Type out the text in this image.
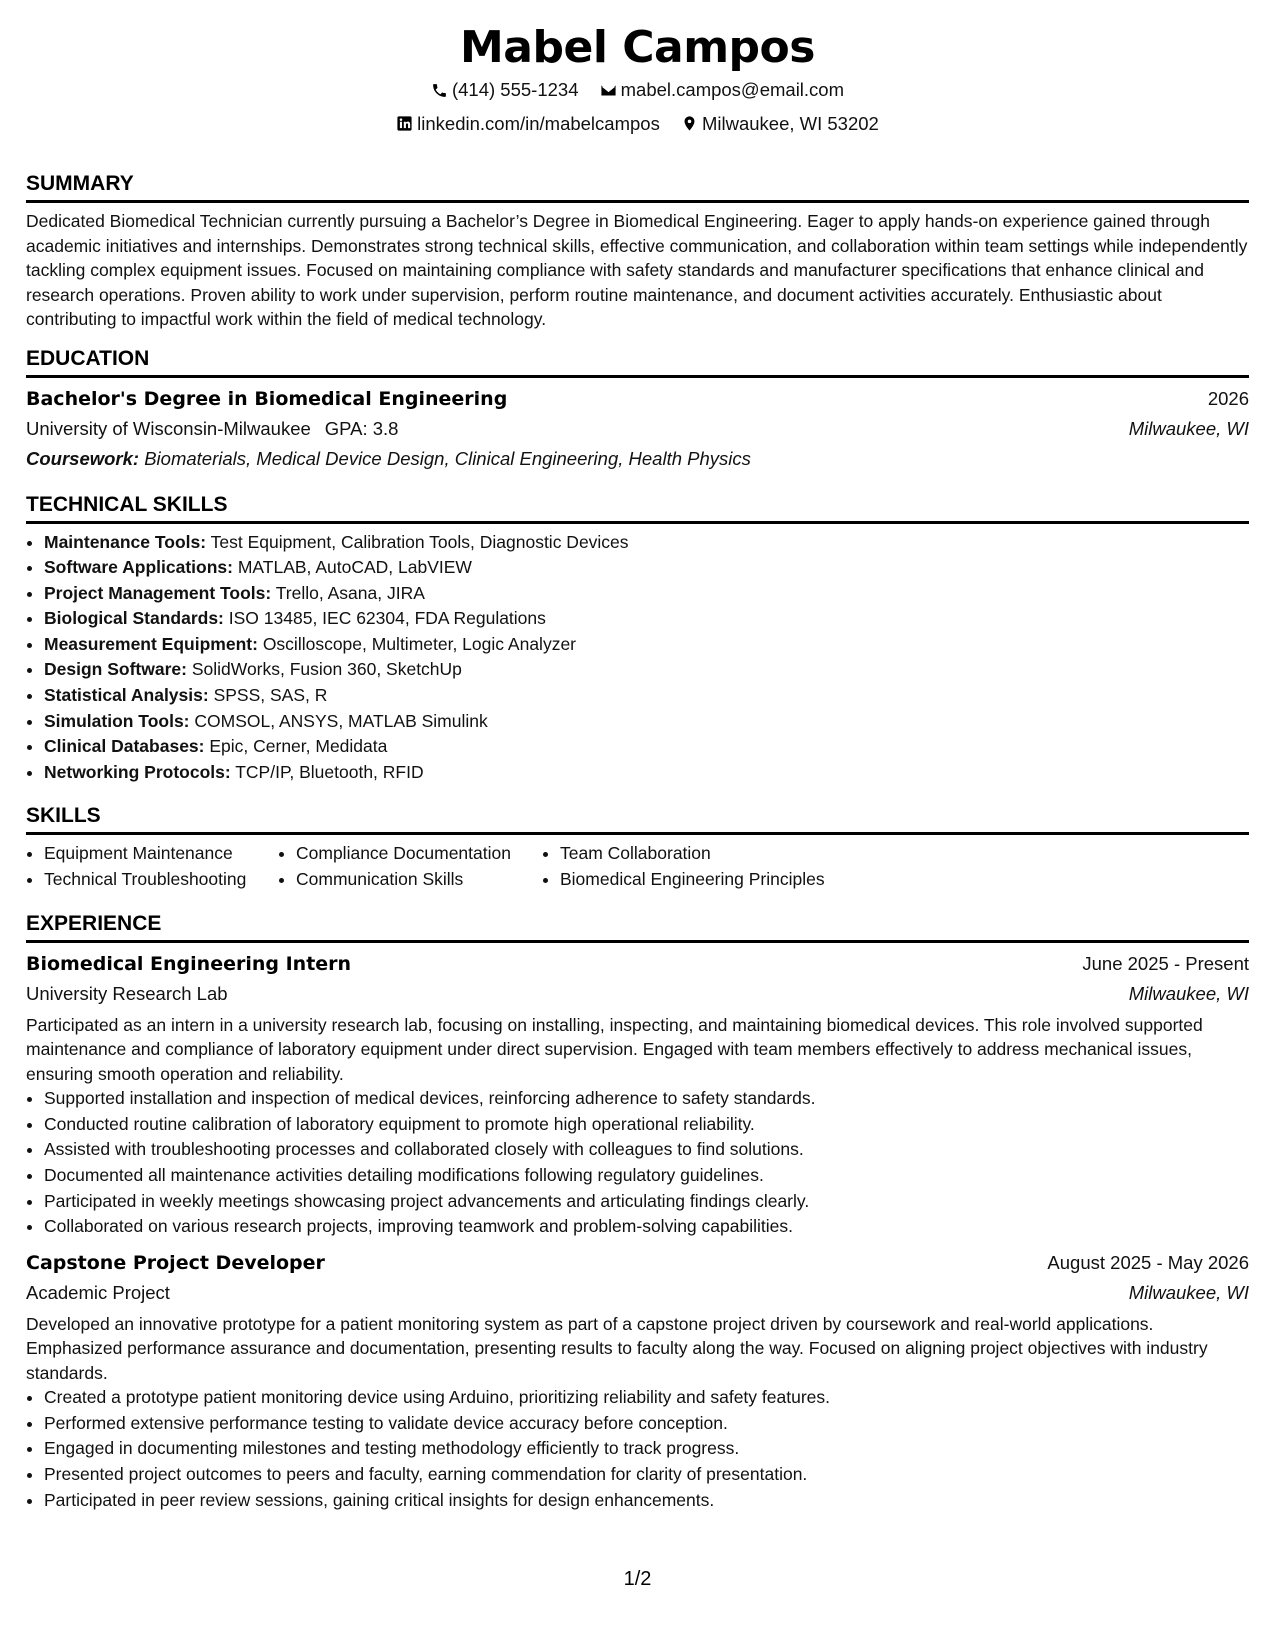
Mabel Campos
(414) 555-1234
mabel.campos@email.com
linkedin.com/in/mabelcampos
Milwaukee, WI 53202
SUMMARY

Dedicated Biomedical Technician currently pursuing a Bachelor’s Degree in Biomedical Engineering. Eager to apply hands-on experience gained through academic initiatives and internships. Demonstrates strong technical skills, effective communication, and collaboration within team settings while independently tackling complex equipment issues. Focused on maintaining compliance with safety standards and manufacturer specifications that enhance clinical and research operations. Proven ability to work under supervision, perform routine maintenance, and document activities accurately. Enthusiastic about contributing to impactful work within the field of medical technology.

EDUCATION
Bachelor's Degree in Biomedical Engineering	2026
University of Wisconsin-Milwaukee GPA: 3.8	Milwaukee, WI
Coursework: Biomaterials, Medical Device Design, Clinical Engineering, Health Physics
TECHNICAL SKILLS
• Maintenance Tools: Test Equipment, Calibration Tools, Diagnostic Devices
• Software Applications: MATLAB, AutoCAD, LabVIEW
• Project Management Tools: Trello, Asana, JIRA
• Biological Standards: ISO 13485, IEC 62304, FDA Regulations
• Measurement Equipment: Oscilloscope, Multimeter, Logic Analyzer
• Design Software: SolidWorks, Fusion 360, SketchUp
• Statistical Analysis: SPSS, SAS, R
• Simulation Tools: COMSOL, ANSYS, MATLAB Simulink
• Clinical Databases: Epic, Cerner, Medidata
• Networking Protocols: TCP/IP, Bluetooth, RFID
SKILLS
• Equipment Maintenance
• Technical Troubleshooting
• Compliance Documentation
• Communication Skills
• Team Collaboration
• Biomedical Engineering Principles
EXPERIENCE
Biomedical Engineering Intern	June 2025 - Present
University Research Lab	Milwaukee, WI

Participated as an intern in a university research lab, focusing on installing, inspecting, and maintaining biomedical devices. This role involved supported maintenance and compliance of laboratory equipment under direct supervision. Engaged with team members effectively to address mechanical issues, ensuring smooth operation and reliability.

• Supported installation and inspection of medical devices, reinforcing adherence to safety standards.
• Conducted routine calibration of laboratory equipment to promote high operational reliability.
• Assisted with troubleshooting processes and collaborated closely with colleagues to find solutions.
• Documented all maintenance activities detailing modifications following regulatory guidelines.
• Participated in weekly meetings showcasing project advancements and articulating findings clearly.
• Collaborated on various research projects, improving teamwork and problem-solving capabilities.
Capstone Project Developer	August 2025 - May 2026
Academic Project	Milwaukee, WI

Developed an innovative prototype for a patient monitoring system as part of a capstone project driven by coursework and real-world applications. Emphasized performance assurance and documentation, presenting results to faculty along the way. Focused on aligning project objectives with industry standards.

• Created a prototype patient monitoring device using Arduino, prioritizing reliability and safety features.
• Performed extensive performance testing to validate device accuracy before conception.
• Engaged in documenting milestones and testing methodology efficiently to track progress.
• Presented project outcomes to peers and faculty, earning commendation for clarity of presentation.
• Participated in peer review sessions, gaining critical insights for design enhancements.
1/2
